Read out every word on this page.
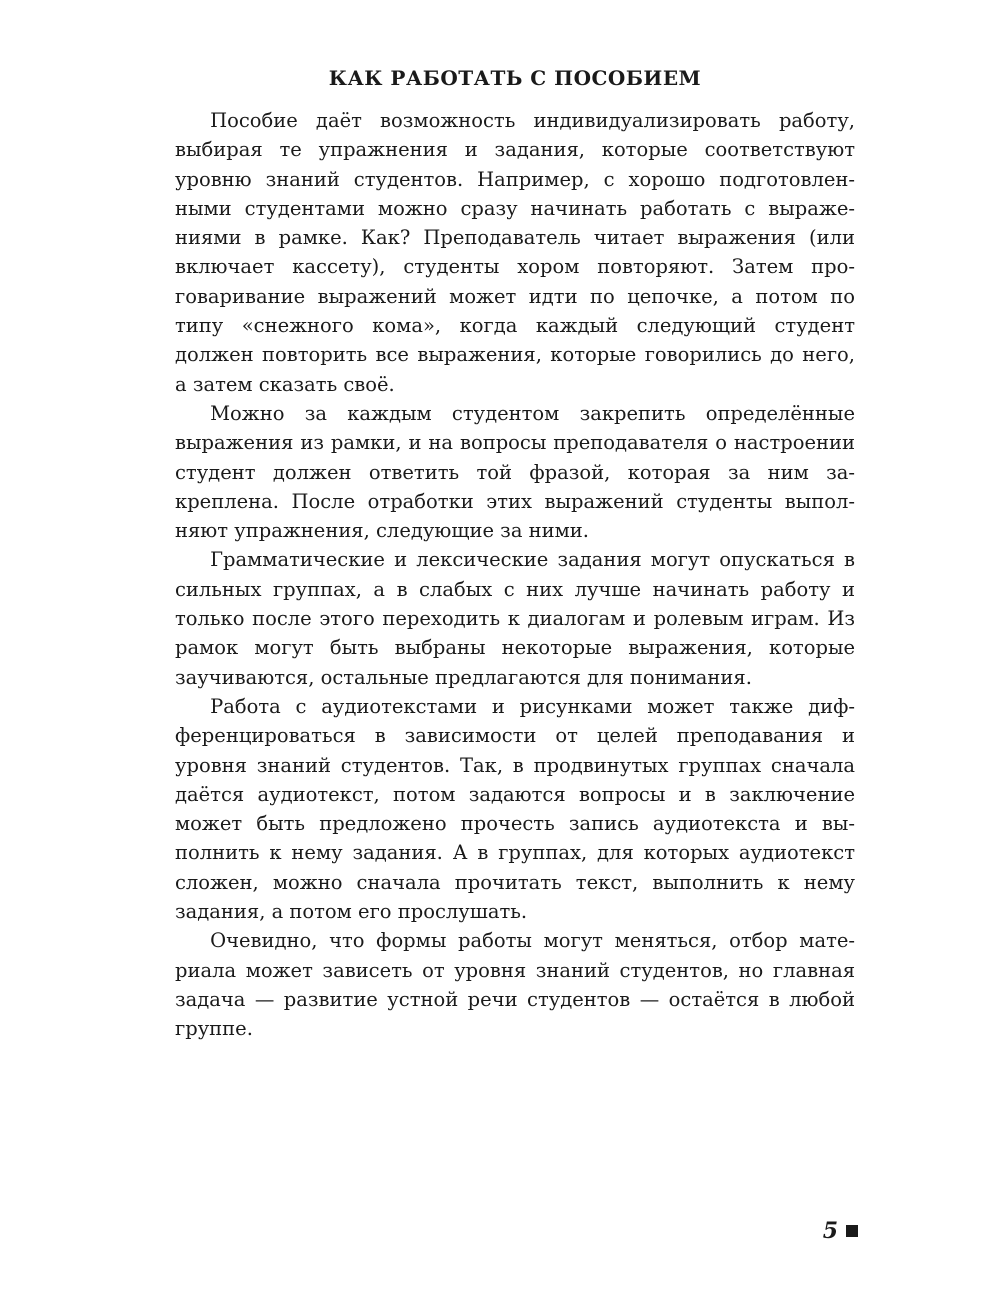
КАК РАБОТАТЬ С ПОСОБИЕМ

Пособие даёт возможность индивидуализировать работу, выбирая те упражнения и задания, которые соответствуют уровню знаний студентов. Например, с хорошо подготовленными студентами можно сразу начинать работать с выражениями в рамке. Как? Преподаватель читает выражения (или включает кассету), студенты хором повторяют. Затем проговаривание выражений может идти по цепочке, а потом по типу «снежного кома», когда каждый следующий студент должен повторить все выражения, которые говорились до него, а затем сказать своё.

Можно за каждым студентом закрепить определённые выражения из рамки, и на вопросы преподавателя о настроении студент должен ответить той фразой, которая за ним закреплена. После отработки этих выражений студенты выполняют упражнения, следующие за ними.

Грамматические и лексические задания могут опускаться в сильных группах, а в слабых с них лучше начинать работу и только после этого переходить к диалогам и ролевым играм. Из рамок могут быть выбраны некоторые выражения, которые заучиваются, остальные предлагаются для понимания.

Работа с аудиотекстами и рисунками может также дифференцироваться в зависимости от целей преподавания и уровня знаний студентов. Так, в продвинутых группах сначала даётся аудиотекст, потом задаются вопросы и в заключение может быть предложено прочесть запись аудиотекста и выполнить к нему задания. А в группах, для которых аудиотекст сложен, можно сначала прочитать текст, выполнить к нему задания, а потом его прослушать.

Очевидно, что формы работы могут меняться, отбор материала может зависеть от уровня знаний студентов, но главная задача — развитие устной речи студентов — остаётся в любой группе.

5
